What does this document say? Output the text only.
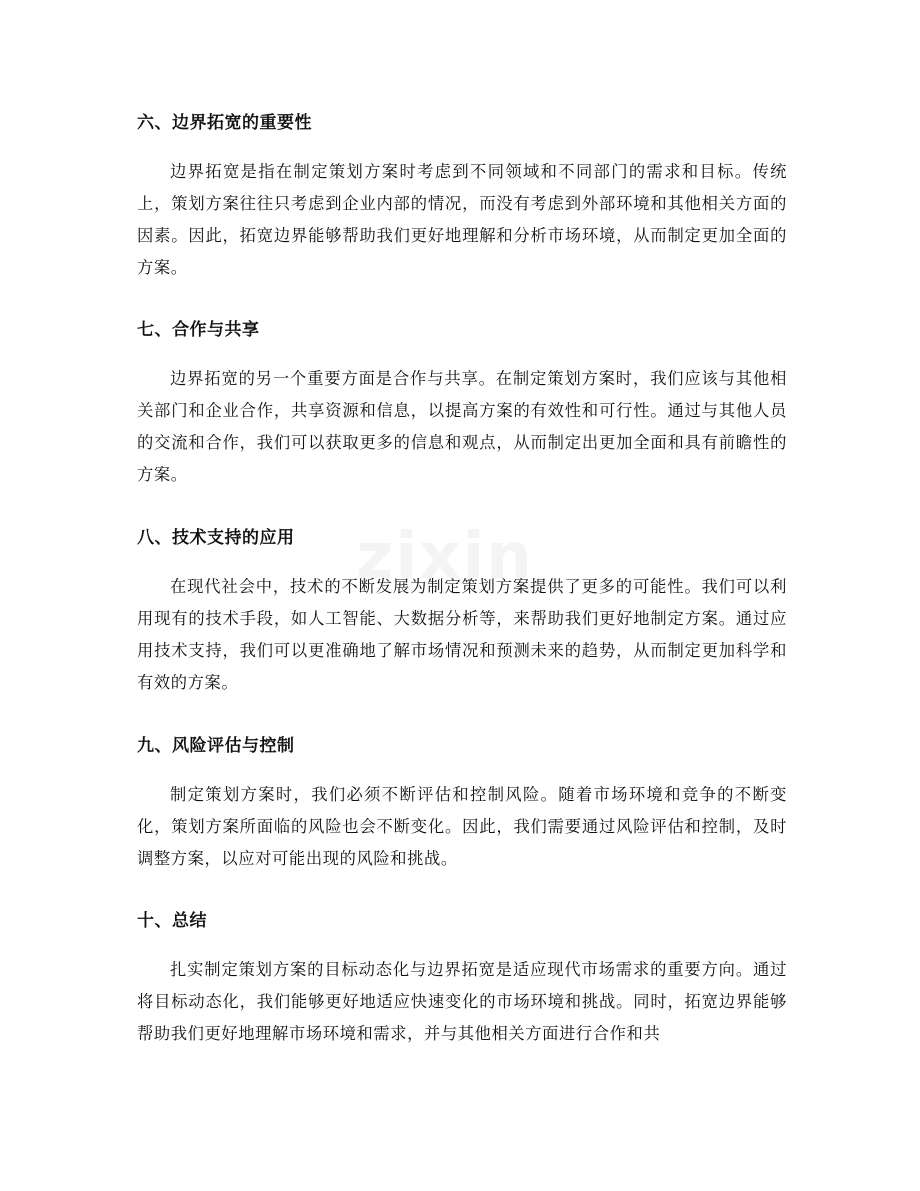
六、边界拓宽的重要性

边界拓宽是指在制定策划方案时考虑到不同领域和不同部门的需求和目标。传统上，策划方案往往只考虑到企业内部的情况，而没有考虑到外部环境和其他相关方面的因素。因此，拓宽边界能够帮助我们更好地理解和分析市场环境，从而制定更加全面的方案。

七、合作与共享

边界拓宽的另一个重要方面是合作与共享。在制定策划方案时，我们应该与其他相关部门和企业合作，共享资源和信息，以提高方案的有效性和可行性。通过与其他人员的交流和合作，我们可以获取更多的信息和观点，从而制定出更加全面和具有前瞻性的方案。

八、技术支持的应用

在现代社会中，技术的不断发展为制定策划方案提供了更多的可能性。我们可以利用现有的技术手段，如人工智能、大数据分析等，来帮助我们更好地制定方案。通过应用技术支持，我们可以更准确地了解市场情况和预测未来的趋势，从而制定更加科学和有效的方案。

九、风险评估与控制

制定策划方案时，我们必须不断评估和控制风险。随着市场环境和竞争的不断变化，策划方案所面临的风险也会不断变化。因此，我们需要通过风险评估和控制，及时调整方案，以应对可能出现的风险和挑战。

十、总结

扎实制定策划方案的目标动态化与边界拓宽是适应现代市场需求的重要方向。通过将目标动态化，我们能够更好地适应快速变化的市场环境和挑战。同时，拓宽边界能够帮助我们更好地理解市场环境和需求，并与其他相关方面进行合作和共
